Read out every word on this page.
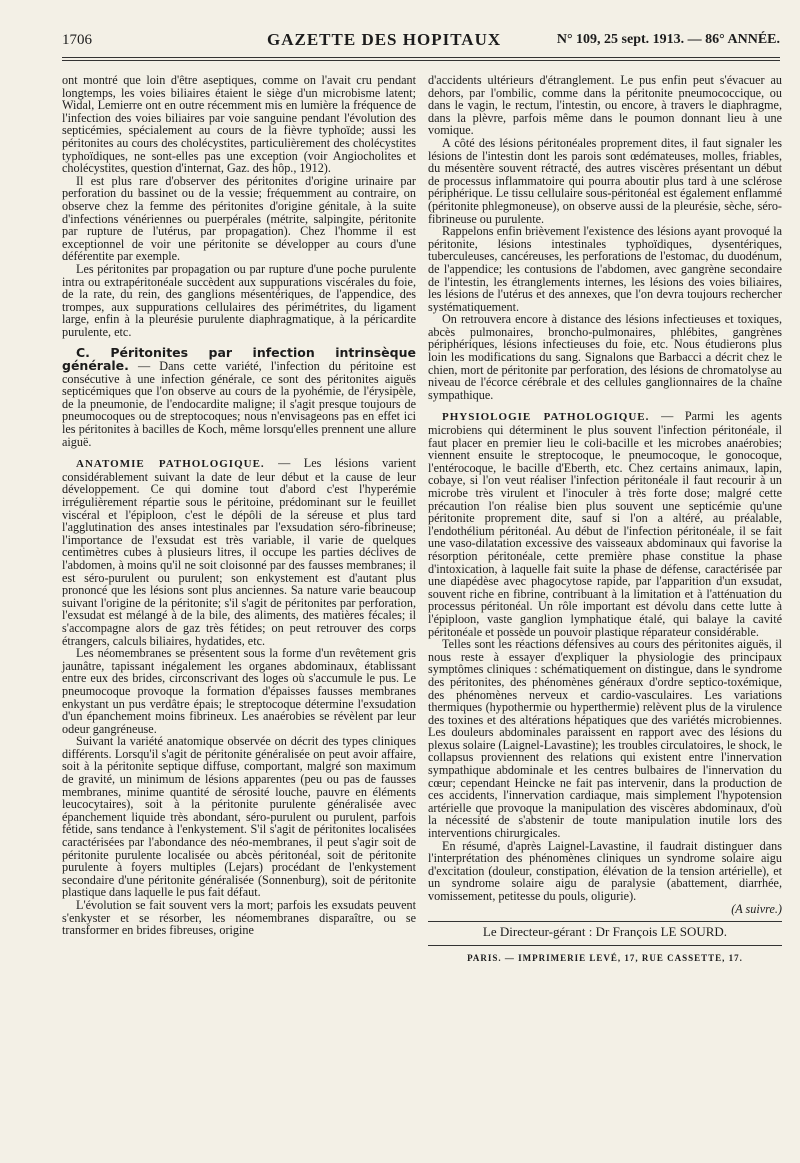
1706	GAZETTE DES HOPITAUX	N° 109, 25 sept. 1913. — 86° ANNÉE.

ont montré que loin d'être aseptiques, comme on l'avait cru pendant longtemps, les voies biliaires étaient le siège d'un microbisme latent; Widal, Lemierre ont en outre récemment mis en lumière la fréquence de l'infection des voies biliaires par voie sanguine pendant l'évolution des septicémies, spécialement au cours de la fièvre typhoïde; aussi les péritonites au cours des cholécystites, particulièrement des cholécystites typhoïdiques, ne sont-elles pas une exception (voir Angiocholites et cholécystites, question d'internat, Gaz. des hôp., 1912).

Il est plus rare d'observer des péritonites d'origine urinaire par perforation du bassinet ou de la vessie; fréquemment au contraire, on observe chez la femme des péritonites d'origine génitale, à la suite d'infections vénériennes ou puerpérales (métrite, salpingite, péritonite par rupture de l'utérus, par propagation). Chez l'homme il est exceptionnel de voir une péritonite se développer au cours d'une déférentite par exemple.

Les péritonites par propagation ou par rupture d'une poche purulente intra ou extrapéritonéale succèdent aux suppurations viscérales du foie, de la rate, du rein, des ganglions mésentériques, de l'appendice, des trompes, aux suppurations cellulaires des périmétrites, du ligament large, enfin à la pleurésie purulente diaphragmatique, à la péricardite purulente, etc.

C. Péritonites par infection intrinsèque générale. — Dans cette variété, l'infection du péritoine est consécutive à une infection générale, ce sont des péritonites aiguës septicémiques que l'on observe au cours de la pyohémie, de l'érysipèle, de la pneumonie, de l'endocardite maligne; il s'agit presque toujours de pneumocoques ou de streptocoques; nous n'envisageons pas en effet ici les péritonites à bacilles de Koch, même lorsqu'elles prennent une allure aiguë.

ANATOMIE PATHOLOGIQUE. — Les lésions varient considérablement suivant la date de leur début et la cause de leur développement. Ce qui domine tout d'abord c'est l'hyperémie irrégulièrement répartie sous le péritoine, prédominant sur le feuillet viscéral et l'épiploon, c'est le dépôli de la séreuse et plus tard l'agglutination des anses intestinales par l'exsudation séro-fibrineuse; l'importance de l'exsudat est très variable, il varie de quelques centimètres cubes à plusieurs litres, il occupe les parties déclives de l'abdomen, à moins qu'il ne soit cloisonné par des fausses membranes; il est séro-purulent ou purulent; son enkystement est d'autant plus prononcé que les lésions sont plus anciennes. Sa nature varie beaucoup suivant l'origine de la péritonite; s'il s'agit de péritonites par perforation, l'exsudat est mélangé à de la bile, des aliments, des matières fécales; il s'accompagne alors de gaz très fétides; on peut retrouver des corps étrangers, calculs biliaires, hydatides, etc.

Les néomembranes se présentent sous la forme d'un revêtement gris jaunâtre, tapissant inégalement les organes abdominaux, établissant entre eux des brides, circonscrivant des loges où s'accumule le pus. Le pneumocoque provoque la formation d'épaisses fausses membranes enkystant un pus verdâtre épais; le streptocoque détermine l'exsudation d'un épanchement moins fibrineux. Les anaérobies se révèlent par leur odeur gangréneuse.

Suivant la variété anatomique observée on décrit des types cliniques différents. Lorsqu'il s'agit de péritonite généralisée on peut avoir affaire, soit à la péritonite septique diffuse, comportant, malgré son maximum de gravité, un minimum de lésions apparentes (peu ou pas de fausses membranes, minime quantité de sérosité louche, pauvre en éléments leucocytaires), soit à la péritonite purulente généralisée avec épanchement liquide très abondant, séro-purulent ou purulent, parfois fétide, sans tendance à l'enkystement. S'il s'agit de péritonites localisées caractérisées par l'abondance des néo-membranes, il peut s'agir soit de péritonite purulente localisée ou abcès péritonéal, soit de péritonite purulente à foyers multiples (Lejars) procédant de l'enkystement secondaire d'une péritonite généralisée (Sonnenburg), soit de péritonite plastique dans laquelle le pus fait défaut.

L'évolution se fait souvent vers la mort; parfois les exsudats peuvent s'enkyster et se résorber, les néomembranes disparaître, ou se transformer en brides fibreuses, origine

d'accidents ultérieurs d'étranglement. Le pus enfin peut s'évacuer au dehors, par l'ombilic, comme dans la péritonite pneumococcique, ou dans le vagin, le rectum, l'intestin, ou encore, à travers le diaphragme, dans la plèvre, parfois même dans le poumon donnant lieu à une vomique.

A côté des lésions péritonéales proprement dites, il faut signaler les lésions de l'intestin dont les parois sont œdémateuses, molles, friables, du mésentère souvent rétracté, des autres viscères présentant un début de processus inflammatoire qui pourra aboutir plus tard à une sclérose périphérique. Le tissu cellulaire sous-péritonéal est également enflammé (péritonite phlegmoneuse), on observe aussi de la pleurésie, sèche, séro-fibrineuse ou purulente.

Rappelons enfin brièvement l'existence des lésions ayant provoqué la péritonite, lésions intestinales typhoïdiques, dysentériques, tuberculeuses, cancéreuses, les perforations de l'estomac, du duodénum, de l'appendice; les contusions de l'abdomen, avec gangrène secondaire de l'intestin, les étranglements internes, les lésions des voies biliaires, les lésions de l'utérus et des annexes, que l'on devra toujours rechercher systématiquement.

On retrouvera encore à distance des lésions infectieuses et toxiques, abcès pulmonaires, broncho-pulmonaires, phlébites, gangrènes périphériques, lésions infectieuses du foie, etc. Nous étudierons plus loin les modifications du sang. Signalons que Barbacci a décrit chez le chien, mort de péritonite par perforation, des lésions de chromatolyse au niveau de l'écorce cérébrale et des cellules ganglionnaires de la chaîne sympathique.

PHYSIOLOGIE PATHOLOGIQUE. — Parmi les agents microbiens qui déterminent le plus souvent l'infection péritonéale, il faut placer en premier lieu le coli-bacille et les microbes anaérobies; viennent ensuite le streptocoque, le pneumocoque, le gonocoque, l'entérocoque, le bacille d'Eberth, etc. Chez certains animaux, lapin, cobaye, si l'on veut réaliser l'infection péritonéale il faut recourir à un microbe très virulent et l'inoculer à très forte dose; malgré cette précaution l'on réalise bien plus souvent une septicémie qu'une péritonite proprement dite, sauf si l'on a altéré, au préalable, l'endothélium péritonéal. Au début de l'infection péritonéale, il se fait une vaso-dilatation excessive des vaisseaux abdominaux qui favorise la résorption péritonéale, cette première phase constitue la phase d'intoxication, à laquelle fait suite la phase de défense, caractérisée par une diapédèse avec phagocytose rapide, par l'apparition d'un exsudat, souvent riche en fibrine, contribuant à la limitation et à l'atténuation du processus péritonéal. Un rôle important est dévolu dans cette lutte à l'épiploon, vaste ganglion lymphatique étalé, qui balaye la cavité péritonéale et possède un pouvoir plastique réparateur considérable.

Telles sont les réactions défensives au cours des péritonites aiguës, il nous reste à essayer d'expliquer la physiologie des principaux symptômes cliniques : schématiquement on distingue, dans le syndrome des péritonites, des phénomènes généraux d'ordre septico-toxémique, des phénomènes nerveux et cardio-vasculaires. Les variations thermiques (hypothermie ou hyperthermie) relèvent plus de la virulence des toxines et des altérations hépatiques que des variétés microbiennes. Les douleurs abdominales paraissent en rapport avec des lésions du plexus solaire (Laignel-Lavastine); les troubles circulatoires, le shock, le collapsus proviennent des relations qui existent entre l'innervation sympathique abdominale et les centres bulbaires de l'innervation du cœur; cependant Heincke ne fait pas intervenir, dans la production de ces accidents, l'innervation cardiaque, mais simplement l'hypotension artérielle que provoque la manipulation des viscères abdominaux, d'où la nécessité de s'abstenir de toute manipulation inutile lors des interventions chirurgicales.

En résumé, d'après Laignel-Lavastine, il faudrait distinguer dans l'interprétation des phénomènes cliniques un syndrome solaire aigu d'excitation (douleur, constipation, élévation de la tension artérielle), et un syndrome solaire aigu de paralysie (abattement, diarrhée, vomissement, petitesse du pouls, oligurie).

(A suivre.)
Le Directeur-gérant : Dr François LE SOURD.
PARIS. — IMPRIMERIE LEVÉ, 17, RUE CASSETTE, 17.
